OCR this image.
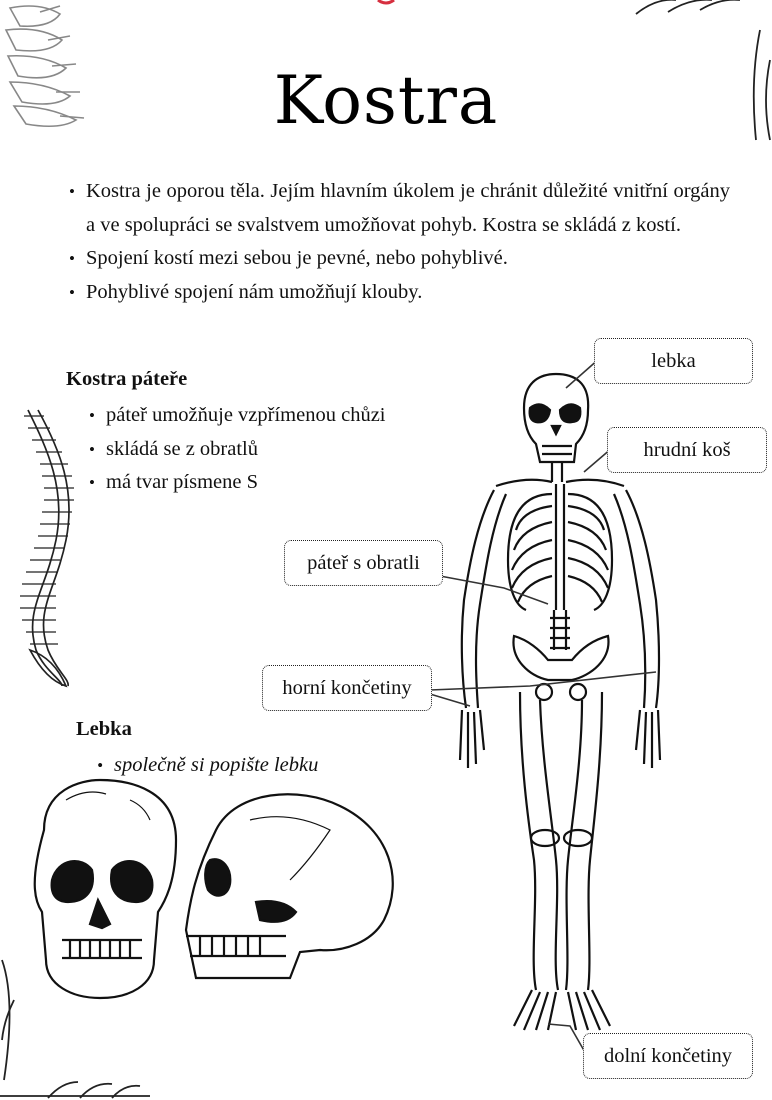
Kostra
• Kostra je oporou těla. Jejím hlavním úkolem je chránit důležité vnitřní orgány a ve spolupráci se svalstvem umožňovat pohyb. Kostra se skládá z kostí.
• Spojení kostí mezi sebou je pevné, nebo pohyblivé.
• Pohyblivé spojení nám umožňují klouby.
Kostra páteře
• páteř umožňuje vzpřímenou chůzi
• skládá se z obratlů
• má tvar písmene S
Lebka
• společně si popište lebku
lebka
hrudní koš
páteř s obratli
horní končetiny
dolní končetiny
